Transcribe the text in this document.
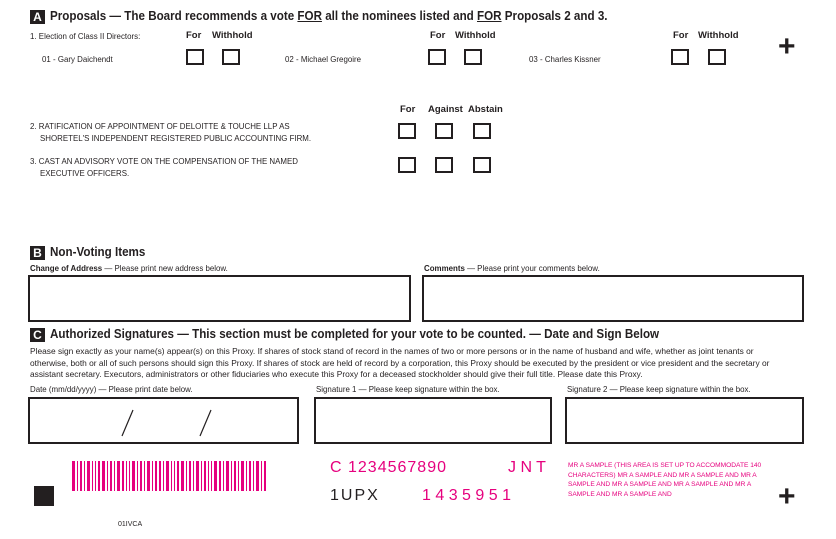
A Proposals — The Board recommends a vote FOR all the nominees listed and FOR Proposals 2 and 3.
1. Election of Class II Directors:	For Withhold	For Withhold	For Withhold
01 - Gary Daichendt	02 - Michael Gregoire	03 - Charles Kissner	+
For Against Abstain
2. RATIFICATION OF APPOINTMENT OF DELOITTE & TOUCHE LLP AS
SHORETEL'S INDEPENDENT REGISTERED PUBLIC ACCOUNTING FIRM.
3. CAST AN ADVISORY VOTE ON THE COMPENSATION OF THE NAMED
EXECUTIVE OFFICERS.
B Non-Voting Items
Change of Address — Please print new address below.	Comments — Please print your comments below.
C Authorized Signatures — This section must be completed for your vote to be counted. — Date and Sign Below
Please sign exactly as your name(s) appear(s) on this Proxy. If shares of stock stand of record in the names of two or more persons or in the name of husband and wife, whether as joint tenants or otherwise, both or all of such persons should sign this Proxy. If shares of stock are held of record by a corporation, this Proxy should be executed by the president or vice president and the secretary or assistant secretary. Executors, administrators or other fiduciaries who execute this Proxy for a deceased stockholder should give their full title. Please date this Proxy.
Date (mm/dd/yyyy) — Please print date below.	Signature 1 — Please keep signature within the box.	Signature 2 — Please keep signature within the box.
C 1234567890	J N T
1UPX	1 4 3 5 9 5 1
MR A SAMPLE (THIS AREA IS SET UP TO ACCOMMODATE 140 CHARACTERS) MR A SAMPLE AND MR A SAMPLE AND MR A SAMPLE AND MR A SAMPLE AND MR A SAMPLE AND MR A SAMPLE AND MR A SAMPLE AND	+
01IVCA
